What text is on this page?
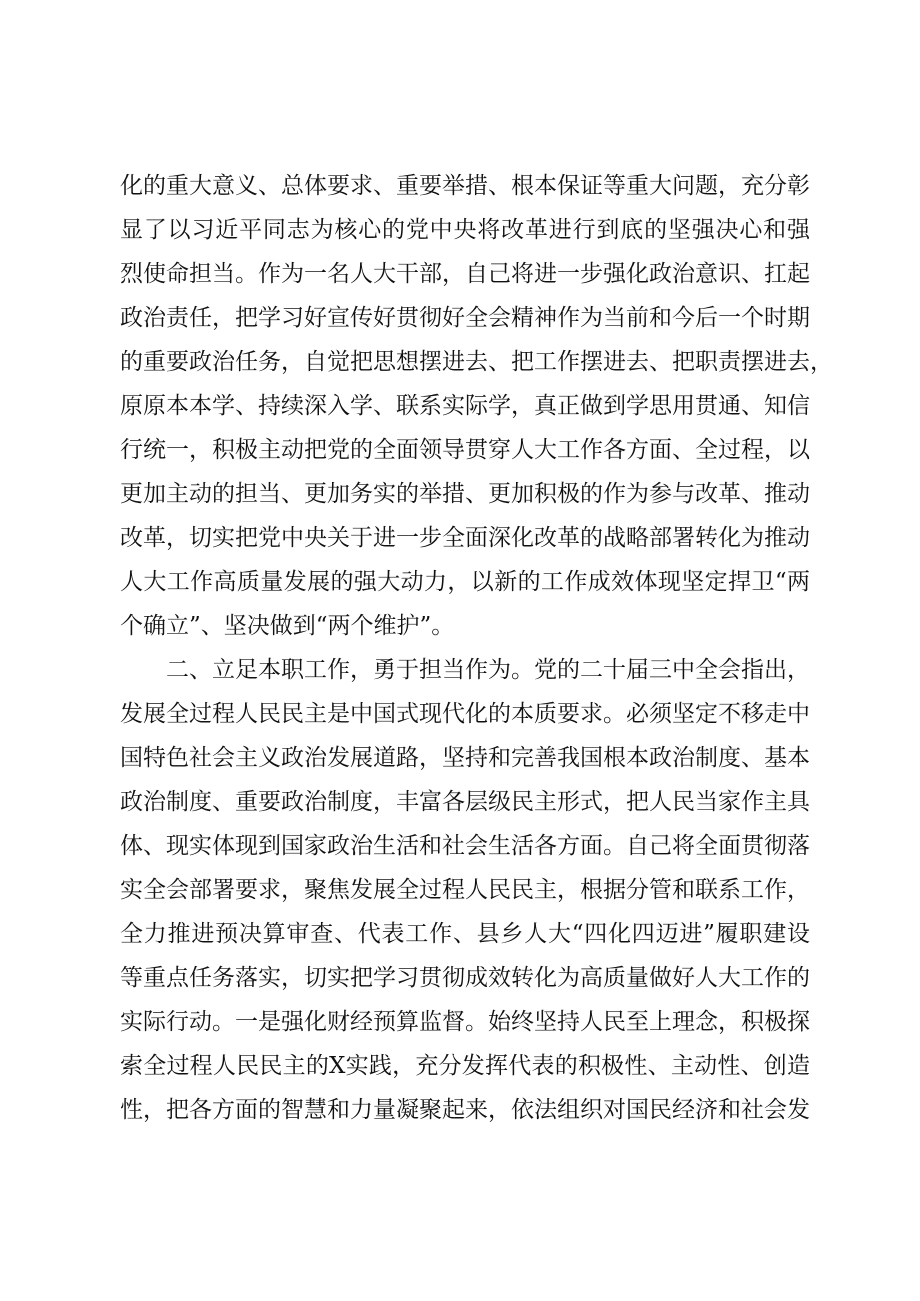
化的重大意义、总体要求、重要举措、根本保证等重大问题，充分彰
显了以习近平同志为核心的党中央将改革进行到底的坚强决心和强
烈使命担当。作为一名人大干部，自己将进一步强化政治意识、扛起
政治责任，把学习好宣传好贯彻好全会精神作为当前和今后一个时期
的重要政治任务，自觉把思想摆进去、把工作摆进去、把职责摆进去，
原原本本学、持续深入学、联系实际学，真正做到学思用贯通、知信
行统一，积极主动把党的全面领导贯穿人大工作各方面、全过程，以
更加主动的担当、更加务实的举措、更加积极的作为参与改革、推动
改革，切实把党中央关于进一步全面深化改革的战略部署转化为推动
人大工作高质量发展的强大动力，以新的工作成效体现坚定捍卫“两
个确立”、坚决做到“两个维护”。
二、立足本职工作，勇于担当作为。党的二十届三中全会指出，
发展全过程人民民主是中国式现代化的本质要求。必须坚定不移走中
国特色社会主义政治发展道路，坚持和完善我国根本政治制度、基本
政治制度、重要政治制度，丰富各层级民主形式，把人民当家作主具
体、现实体现到国家政治生活和社会生活各方面。自己将全面贯彻落
实全会部署要求，聚焦发展全过程人民民主，根据分管和联系工作，
全力推进预决算审查、代表工作、县乡人大“四化四迈进”履职建设
等重点任务落实，切实把学习贯彻成效转化为高质量做好人大工作的
实际行动。一是强化财经预算监督。始终坚持人民至上理念，积极探
索全过程人民民主的X实践，充分发挥代表的积极性、主动性、创造
性，把各方面的智慧和力量凝聚起来，依法组织对国民经济和社会发
